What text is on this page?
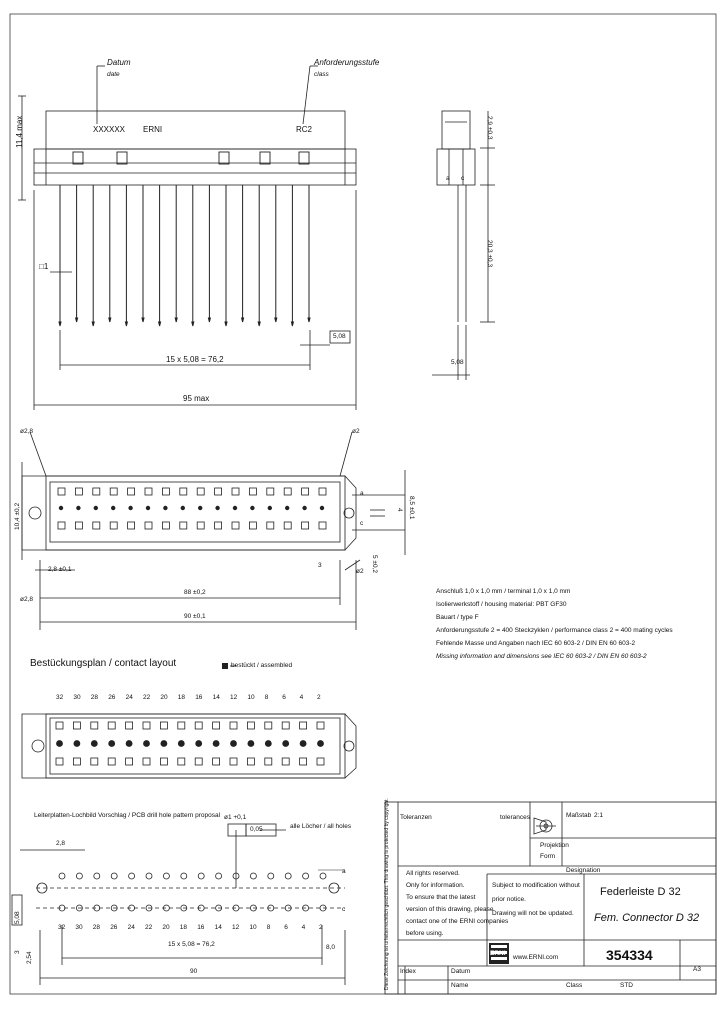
Datum
date
Anforderungsstufe
class
XXXXXX ERNI	RC2
11,4 max
□1
5,08
15 x 5,08 = 76,2
95 max
2,9 ±0,3
20,3 ±0,3
5,08
a c
ø2,8	ø2
10,4 ±0,2
a
c
4 8,5 ±0,1
5 ±0,2
2,8 ±0,1
ø2,8
3
ø2
88 ±0,2
90 ±0,1
Anschluß 1,0 x 1,0 mm / terminal 1,0 x 1,0 mm
Isolierwerkstoff / housing material: PBT GF30
Bauart / type F
Anforderungsstufe 2 = 400 Steckzyklen / performance class 2 = 400 mating cycles
Fehlende Masse und Angaben nach IEC 60 603-2 / DIN EN 60 603-2
Missing information and dimensions see IEC 60 603-2 / DIN EN 60 603-2
Bestückungsplan / contact layout	bestückt / assembled
32 30 28 26 24 22 20 18 16 14 12 10 8 6 4 2
Leiterplatten-Lochbild Vorschlag / PCB drill hole pattern proposal
alle Löcher / all holes
0,05
ø1 +0,1
2,8
15 x 5,08 = 76,2
90
8,0
5,08
2,54
3
a
c
32 30 28 26 24 22 20 18 16 14 12 10 8 6 4 2
Toleranzen	tolerances	Maßstab 2:1
Projektion
Form
Designation
All rights reserved.
Only for information.
To ensure that the latest
version of this drawing, please
contact one of the ERNI companies
before using.
Subject to modification without
prior notice.
Drawing will not be updated.
Federleiste D 32
Fem. Connector D 32
www.ERNI.com	354334
A3
ERNI
Index	Datum
Name	Class	STD
Diese Zeichnung ist urheberrechtlich geschützt. This drawing is protected by copyright.
